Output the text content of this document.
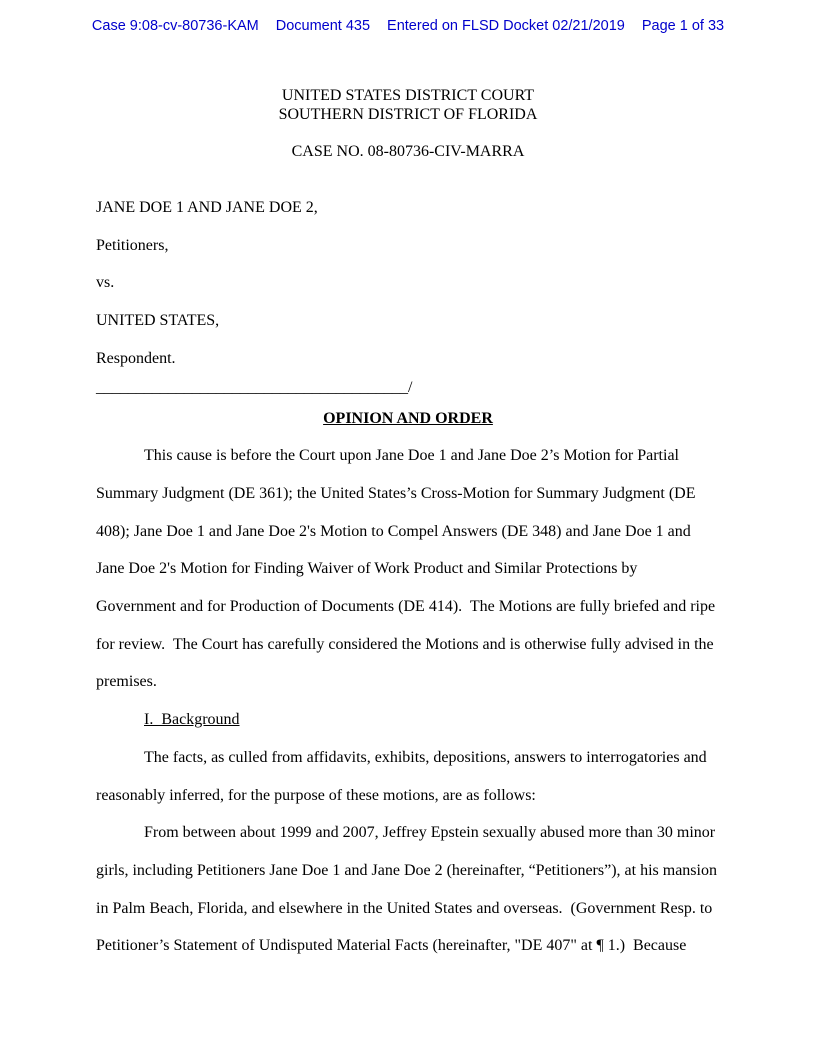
Case 9:08-cv-80736-KAM Document 435 Entered on FLSD Docket 02/21/2019 Page 1 of 33
UNITED STATES DISTRICT COURT
SOUTHERN DISTRICT OF FLORIDA
CASE NO. 08-80736-CIV-MARRA
JANE DOE 1 AND JANE DOE 2,
Petitioners,
vs.
UNITED STATES,
Respondent.
_______________________________________/
OPINION AND ORDER

This cause is before the Court upon Jane Doe 1 and Jane Doe 2’s Motion for Partial Summary Judgment (DE 361); the United States’s Cross-Motion for Summary Judgment (DE 408); Jane Doe 1 and Jane Doe 2's Motion to Compel Answers (DE 348) and Jane Doe 1 and Jane Doe 2's Motion for Finding Waiver of Work Product and Similar Protections by Government and for Production of Documents (DE 414).  The Motions are fully briefed and ripe for review.  The Court has carefully considered the Motions and is otherwise fully advised in the premises.

I.  Background

The facts, as culled from affidavits, exhibits, depositions, answers to interrogatories and reasonably inferred, for the purpose of these motions, are as follows:

From between about 1999 and 2007, Jeffrey Epstein sexually abused more than 30 minor girls, including Petitioners Jane Doe 1 and Jane Doe 2 (hereinafter, “Petitioners”), at his mansion in Palm Beach, Florida, and elsewhere in the United States and overseas.  (Government Resp. to Petitioner’s Statement of Undisputed Material Facts (hereinafter, "DE 407" at ¶ 1.)  Because
